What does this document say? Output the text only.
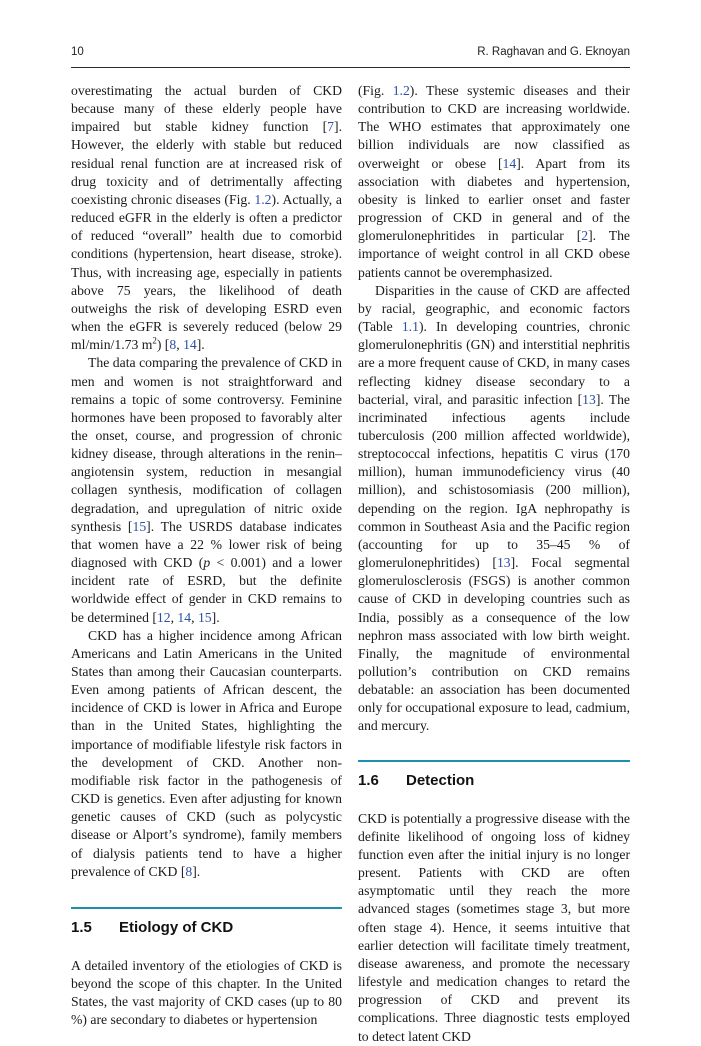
10	R. Raghavan and G. Eknoyan

overestimating the actual burden of CKD because many of these elderly people have impaired but stable kidney function [7]. However, the elderly with stable but reduced residual renal function are at increased risk of drug toxicity and of detrimentally affecting coexisting chronic diseases (Fig. 1.2). Actually, a reduced eGFR in the elderly is often a predictor of reduced “overall” health due to comorbid conditions (hypertension, heart disease, stroke). Thus, with increasing age, especially in patients above 75 years, the likelihood of death outweighs the risk of developing ESRD even when the eGFR is severely reduced (below 29 ml/min/1.73 $m^2$) [8, 14].

The data comparing the prevalence of CKD in men and women is not straightforward and remains a topic of some controversy. Feminine hormones have been proposed to favorably alter the onset, course, and progression of chronic kidney disease, through alterations in the renin–angiotensin system, reduction in mesangial collagen synthesis, modification of collagen degradation, and upregulation of nitric oxide synthesis [15]. The USRDS database indicates that women have a 22 % lower risk of being diagnosed with CKD (p < 0.001) and a lower incident rate of ESRD, but the definite worldwide effect of gender in CKD remains to be determined [12, 14, 15].

CKD has a higher incidence among African Americans and Latin Americans in the United States than among their Caucasian counterparts. Even among patients of African descent, the incidence of CKD is lower in Africa and Europe than in the United States, highlighting the importance of modifiable lifestyle risk factors in the development of CKD. Another non-modifiable risk factor in the pathogenesis of CKD is genetics. Even after adjusting for known genetic causes of CKD (such as polycystic disease or Alport’s syndrome), family members of dialysis patients tend to have a higher prevalence of CKD [8].

1.5 Etiology of CKD

A detailed inventory of the etiologies of CKD is beyond the scope of this chapter. In the United States, the vast majority of CKD cases (up to 80 %) are secondary to diabetes or hypertension

(Fig. 1.2). These systemic diseases and their contribution to CKD are increasing worldwide. The WHO estimates that approximately one billion individuals are now classified as overweight or obese [14]. Apart from its association with diabetes and hypertension, obesity is linked to earlier onset and faster progression of CKD in general and of the glomerulonephritides in particular [2]. The importance of weight control in all CKD obese patients cannot be overemphasized.

Disparities in the cause of CKD are affected by racial, geographic, and economic factors (Table 1.1). In developing countries, chronic glomerulonephritis (GN) and interstitial nephritis are a more frequent cause of CKD, in many cases reflecting kidney disease secondary to a bacterial, viral, and parasitic infection [13]. The incriminated infectious agents include tuberculosis (200 million affected worldwide), streptococcal infections, hepatitis C virus (170 million), human immunodeficiency virus (40 million), and schistosomiasis (200 million), depending on the region. IgA nephropathy is common in Southeast Asia and the Pacific region (accounting for up to 35–45 % of glomerulonephritides) [13]. Focal segmental glomerulosclerosis (FSGS) is another common cause of CKD in developing countries such as India, possibly as a consequence of the low nephron mass associated with low birth weight. Finally, the magnitude of environmental pollution’s contribution on CKD remains debatable: an association has been documented only for occupational exposure to lead, cadmium, and mercury.

1.6 Detection

CKD is potentially a progressive disease with the definite likelihood of ongoing loss of kidney function even after the initial injury is no longer present. Patients with CKD are often asymptomatic until they reach the more advanced stages (sometimes stage 3, but more often stage 4). Hence, it seems intuitive that earlier detection will facilitate timely treatment, disease awareness, and promote the necessary lifestyle and medication changes to retard the progression of CKD and prevent its complications. Three diagnostic tests employed to detect latent CKD
